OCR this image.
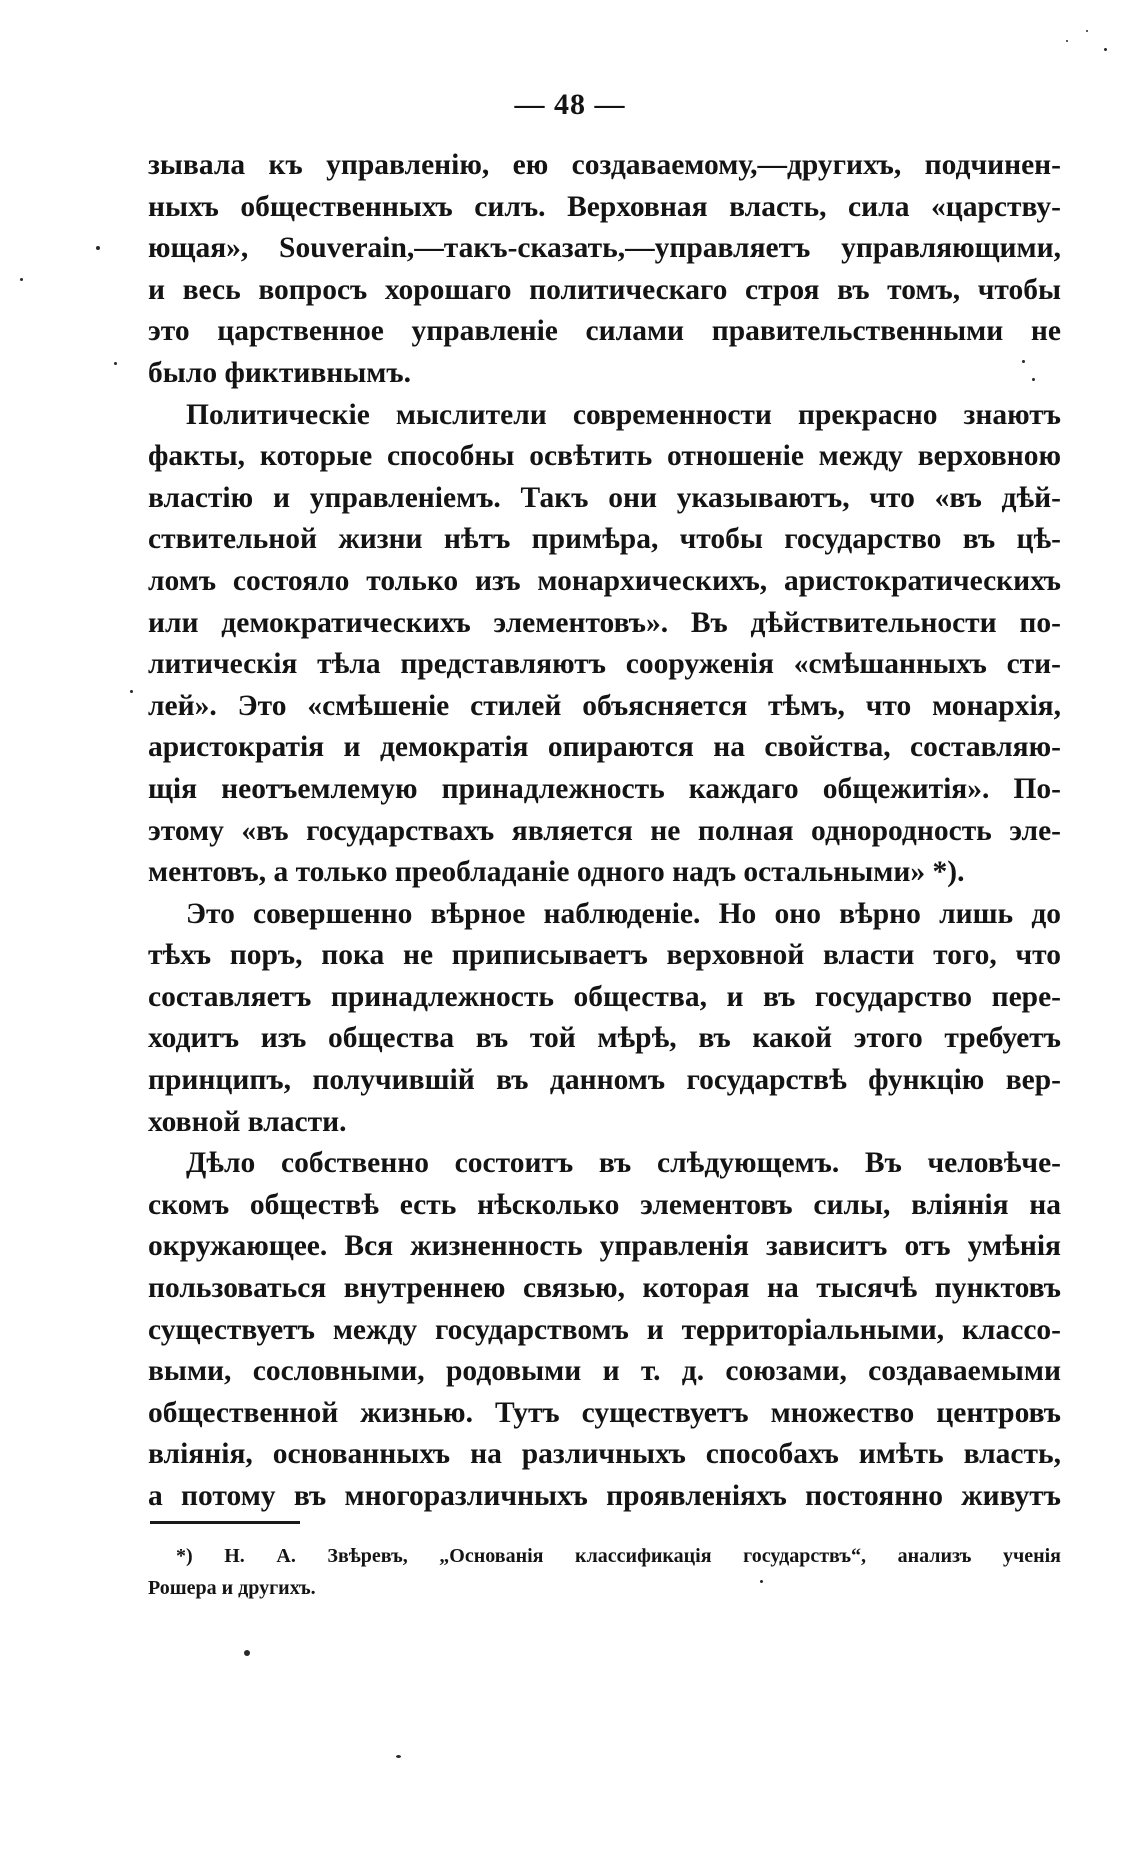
— 48 —
зывала къ управленію, ею создаваемому,—другихъ, подчинен-
ныхъ общественныхъ силъ. Верховная власть, сила «царству-
ющая», Souverain,—такъ-сказать,—управляетъ управляющими,
и весь вопросъ хорошаго политическаго строя въ томъ, чтобы
это царственное управленіе силами правительственными не
было фиктивнымъ.
Политическіе мыслители современности прекрасно знаютъ
факты, которые способны освѣтить отношеніе между верховною
властію и управленіемъ. Такъ они указываютъ, что «въ дѣй-
ствительной жизни нѣтъ примѣра, чтобы государство въ цѣ-
ломъ состояло только изъ монархическихъ, аристократическихъ
или демократическихъ элементовъ». Въ дѣйствительности по-
литическія тѣла представляютъ сооруженія «смѣшанныхъ сти-
лей». Это «смѣшеніе стилей объясняется тѣмъ, что монархія,
аристократія и демократія опираются на свойства, составляю-
щія неотъемлемую принадлежность каждаго общежитія». По-
этому «въ государствахъ является не полная однородность эле-
ментовъ, а только преобладаніе одного надъ остальными» *).
Это совершенно вѣрное наблюденіе. Но оно вѣрно лишь до
тѣхъ поръ, пока не приписываетъ верховной власти того, что
составляетъ принадлежность общества, и въ государство пере-
ходитъ изъ общества въ той мѣрѣ, въ какой этого требуетъ
принципъ, получившій въ данномъ государствѣ функцію вер-
ховной власти.
Дѣло собственно состоитъ въ слѣдующемъ. Въ человѣче-
скомъ обществѣ есть нѣсколько элементовъ силы, вліянія на
окружающее. Вся жизненность управленія зависитъ отъ умѣнія
пользоваться внутреннею связью, которая на тысячѣ пунктовъ
существуетъ между государствомъ и территоріальными, классо-
выми, сословными, родовыми и т. д. союзами, создаваемыми
общественной жизнью. Тутъ существуетъ множество центровъ
вліянія, основанныхъ на различныхъ способахъ имѣть власть,
а потому въ многоразличныхъ проявленіяхъ постоянно живутъ
*) Н. А. Звѣревъ, „Основанія классификація государствъ“, анализъ ученія
Рошера и другихъ.
